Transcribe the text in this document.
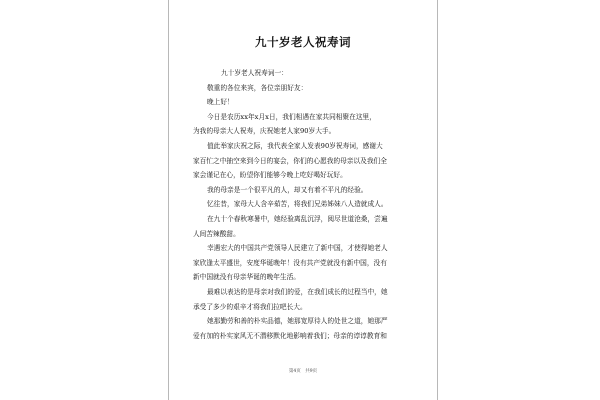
九十岁老人祝寿词
九十岁老人祝寿词一：
敬重的各位来宾，各位亲朋好友：
晚上好！
今日是农历xx年x月x日，我们相遇在家共同相聚在这里，
为我的母亲大人祝寿，庆祝她老人家90岁大手。
值此举家庆祝之际，我代表全家人发表90岁祝寿词，感谢大
家百忙之中抽空来到今日的宴会，你们的心愿我的母亲以及我们全
家会谨记在心，盼望你们能够今晚上吃好喝好玩好。
我的母亲是一个很平凡的人，却又有着不平凡的经验。
忆往昔，家母大人含辛茹苦，将我们兄弟姊妹八人造就成人。
在九十个春秋寒暑中，她经验离乱沉浮，阅尽世道沧桑，尝遍
人间苦辣酸甜。
幸遇宏大的中国共产党领导人民建立了新中国，才使得她老人
家欣逢太平盛世，安度华诞晚年！没有共产党就没有新中国，没有
新中国就没有母亲华诞的晚年生活。
最难以表达的是母亲对我们的爱，在我们成长的过程当中，她
承受了多少的艰辛才将我们拉吧长大。
她那勤劳和善的朴实品德，她那宽厚待人的处世之道，她那严
爱有加的朴实家风无不潜移默化地影响着我们；母亲的谆谆教育和
第4页　共9页
